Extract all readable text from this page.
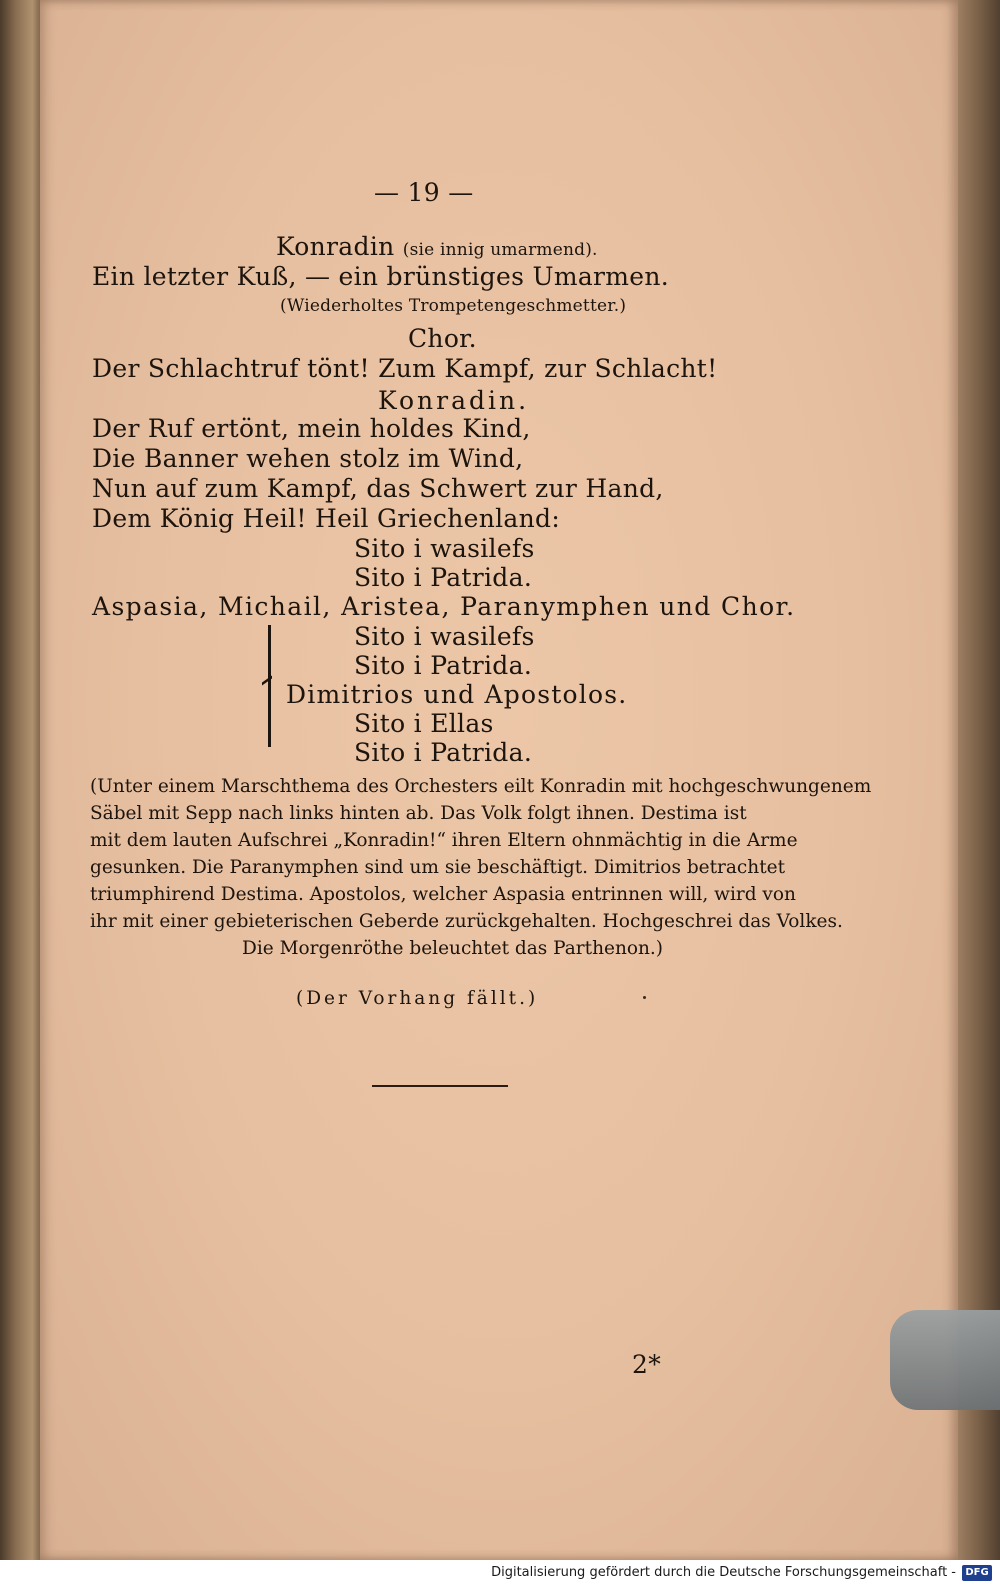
— 19 —
Konradin (sie innig umarmend).
Ein letzter Kuß, — ein brünstiges Umarmen.
(Wiederholtes Trompetengeschmetter.)
Chor.
Der Schlachtruf tönt! Zum Kampf, zur Schlacht!
Konradin.
Der Ruf ertönt, mein holdes Kind,
Die Banner wehen stolz im Wind,
Nun auf zum Kampf, das Schwert zur Hand,
Dem König Heil! Heil Griechenland:
Sito i wasilefs
Sito i Patrida.
Aspasia, Michail, Aristea, Paranymphen und Chor.
Sito i wasilefs
Sito i Patrida.
Dimitrios und Apostolos.
Sito i Ellas
Sito i Patrida.
(Unter einem Marschthema des Orchesters eilt Konradin mit hochgeschwungenem
Säbel mit Sepp nach links hinten ab. Das Volk folgt ihnen. Destima ist
mit dem lauten Aufschrei „Konradin!“ ihren Eltern ohnmächtig in die Arme
gesunken. Die Paranymphen sind um sie beschäftigt. Dimitrios betrachtet
triumphirend Destima. Apostolos, welcher Aspasia entrinnen will, wird von
ihr mit einer gebieterischen Geberde zurückgehalten. Hochgeschrei das Volkes.
Die Morgenröthe beleuchtet das Parthenon.)
(Der Vorhang fällt.)
2*
Digitalisierung gefördert durch die Deutsche Forschungsgemeinschaft - DFG
